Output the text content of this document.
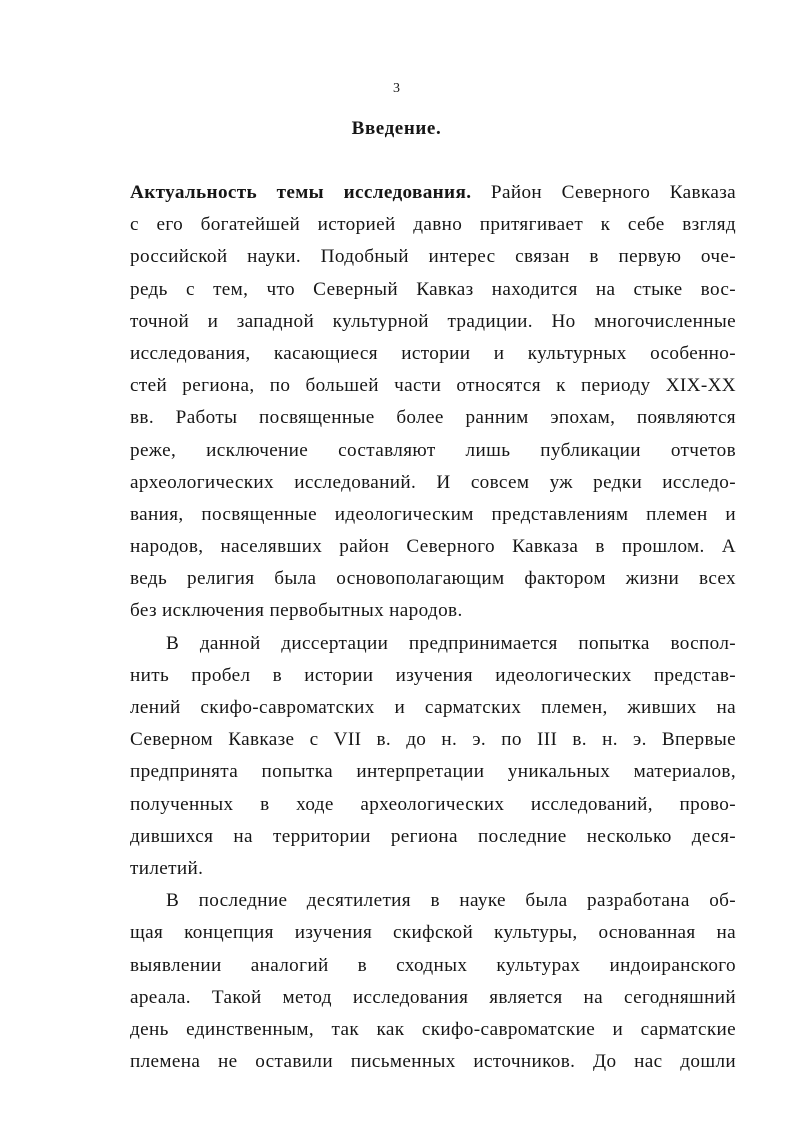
3
Введение.
Актуальность темы исследования. Район Северного Кавказа
с его богатейшей историей давно притягивает к себе взгляд
российской науки. Подобный интерес связан в первую оче-
редь с тем, что Северный Кавказ находится на стыке вос-
точной и западной культурной традиции. Но многочисленные
исследования, касающиеся истории и культурных особенно-
стей региона, по большей части относятся к периоду XIX-XX
вв. Работы посвященные более ранним эпохам, появляются
реже, исключение составляют лишь публикации отчетов
археологических исследований. И совсем уж редки исследо-
вания, посвященные идеологическим представлениям племен и
народов, населявших район Северного Кавказа в прошлом. А
ведь религия была основополагающим фактором жизни всех
без исключения первобытных народов.
В данной диссертации предпринимается попытка воспол-
нить пробел в истории изучения идеологических представ-
лений скифо-савроматских и сарматских племен, живших на
Северном Кавказе с VII в. до н. э. по III в. н. э. Впервые
предпринята попытка интерпретации уникальных материалов,
полученных в ходе археологических исследований, прово-
дившихся на территории региона последние несколько деся-
тилетий.
В последние десятилетия в науке была разработана об-
щая концепция изучения скифской культуры, основанная на
выявлении аналогий в сходных культурах индоиранского
ареала. Такой метод исследования является на сегодняшний
день единственным, так как скифо-савроматские и сарматские
племена не оставили письменных источников. До нас дошли
